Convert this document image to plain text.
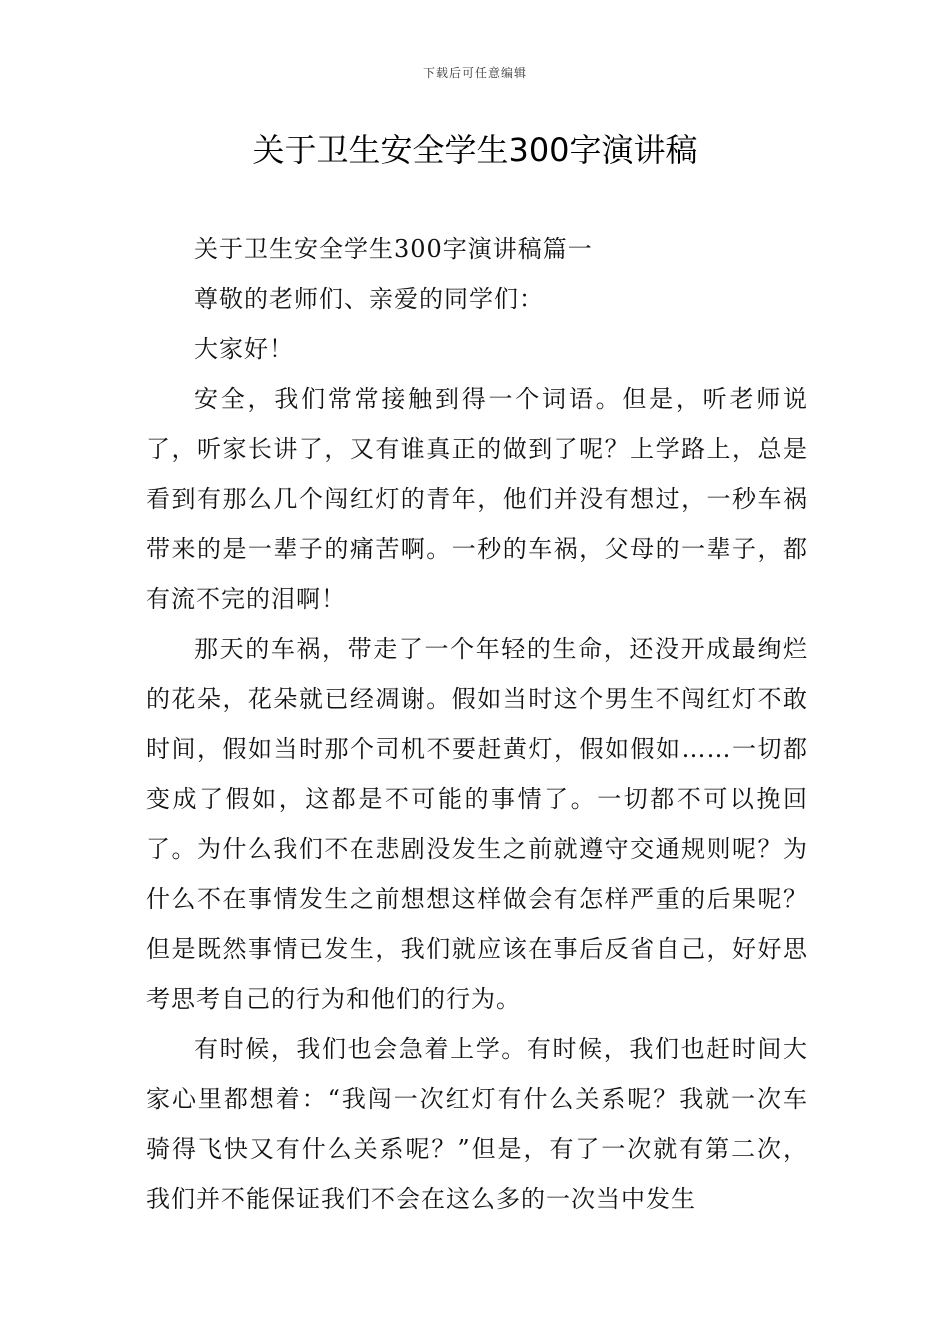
下载后可任意编辑
关于卫生安全学生300字演讲稿

关于卫生安全学生300字演讲稿篇一

尊敬的老师们、亲爱的同学们：

大家好！

安全，我们常常接触到得一个词语。但是，听老师说了，听家长讲了，又有谁真正的做到了呢？上学路上，总是看到有那么几个闯红灯的青年，他们并没有想过，一秒车祸带来的是一辈子的痛苦啊。一秒的车祸，父母的一辈子，都有流不完的泪啊！

那天的车祸，带走了一个年轻的生命，还没开成最绚烂的花朵，花朵就已经凋谢。假如当时这个男生不闯红灯不敢时间，假如当时那个司机不要赶黄灯，假如假如……一切都变成了假如，这都是不可能的事情了。一切都不可以挽回了。为什么我们不在悲剧没发生之前就遵守交通规则呢？为什么不在事情发生之前想想这样做会有怎样严重的后果呢？但是既然事情已发生，我们就应该在事后反省自己，好好思考思考自己的行为和他们的行为。

有时候，我们也会急着上学。有时候，我们也赶时间大家心里都想着：“我闯一次红灯有什么关系呢？我就一次车骑得飞快又有什么关系呢？”但是，有了一次就有第二次，我们并不能保证我们不会在这么多的一次当中发生
